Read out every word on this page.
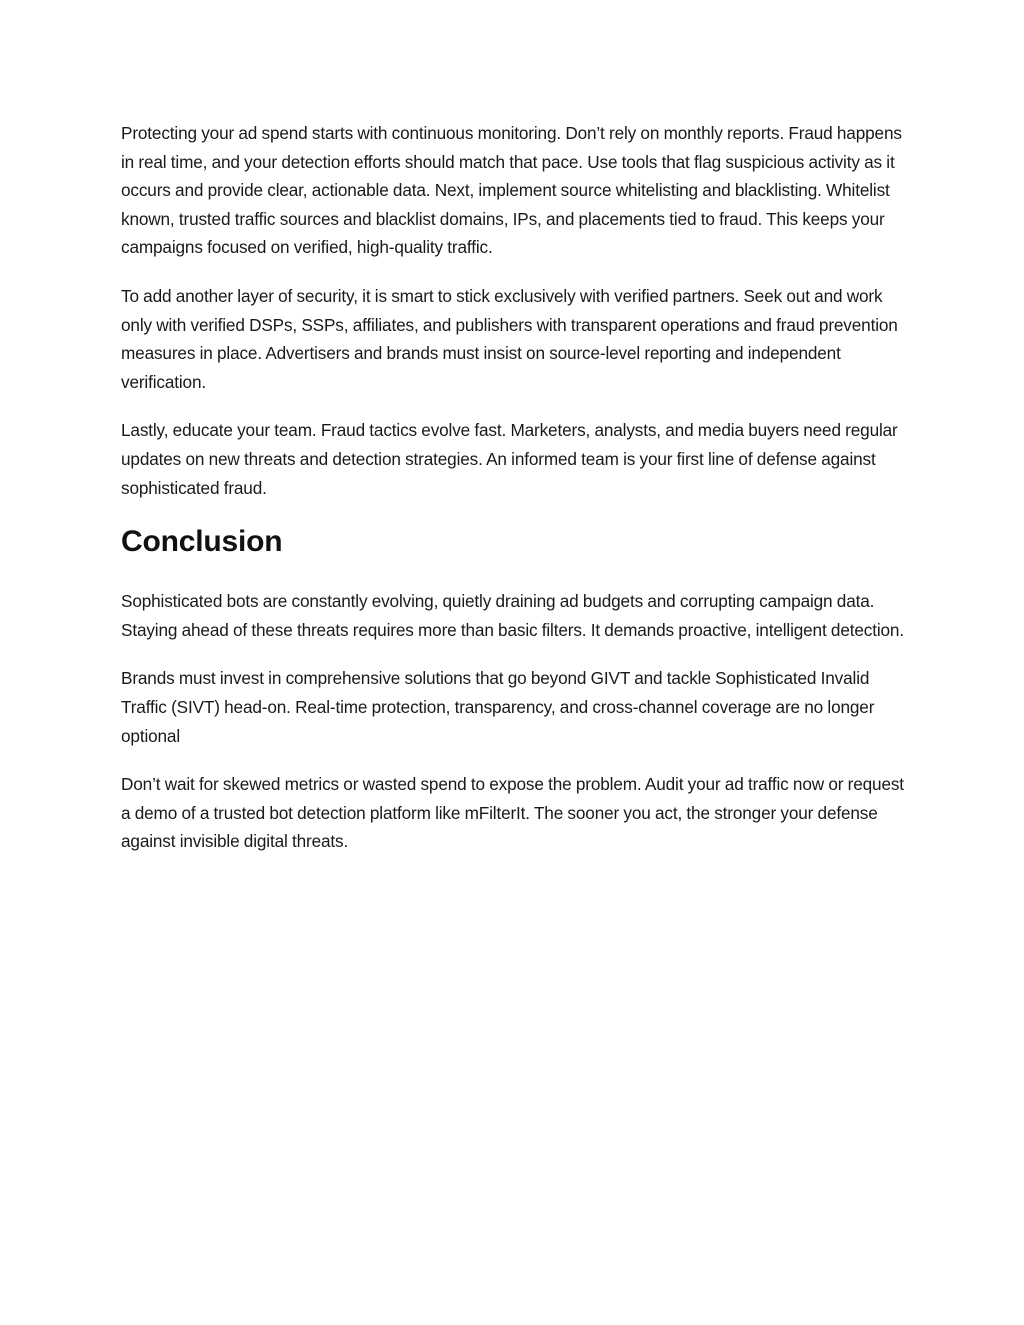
Protecting your ad spend starts with continuous monitoring. Don’t rely on monthly reports. Fraud happens in real time, and your detection efforts should match that pace. Use tools that flag suspicious activity as it occurs and provide clear, actionable data. Next, implement source whitelisting and blacklisting. Whitelist known, trusted traffic sources and blacklist domains, IPs, and placements tied to fraud. This keeps your campaigns focused on verified, high-quality traffic.

To add another layer of security, it is smart to stick exclusively with verified partners. Seek out and work only with verified DSPs, SSPs, affiliates, and publishers with transparent operations and fraud prevention measures in place. Advertisers and brands must insist on source-level reporting and independent verification.

Lastly, educate your team. Fraud tactics evolve fast. Marketers, analysts, and media buyers need regular updates on new threats and detection strategies. An informed team is your first line of defense against sophisticated fraud.

Conclusion

Sophisticated bots are constantly evolving, quietly draining ad budgets and corrupting campaign data. Staying ahead of these threats requires more than basic filters. It demands proactive, intelligent detection.

Brands must invest in comprehensive solutions that go beyond GIVT and tackle Sophisticated Invalid Traffic (SIVT) head-on. Real-time protection, transparency, and cross-channel coverage are no longer optional

Don’t wait for skewed metrics or wasted spend to expose the problem. Audit your ad traffic now or request a demo of a trusted bot detection platform like mFilterIt. The sooner you act, the stronger your defense against invisible digital threats.
